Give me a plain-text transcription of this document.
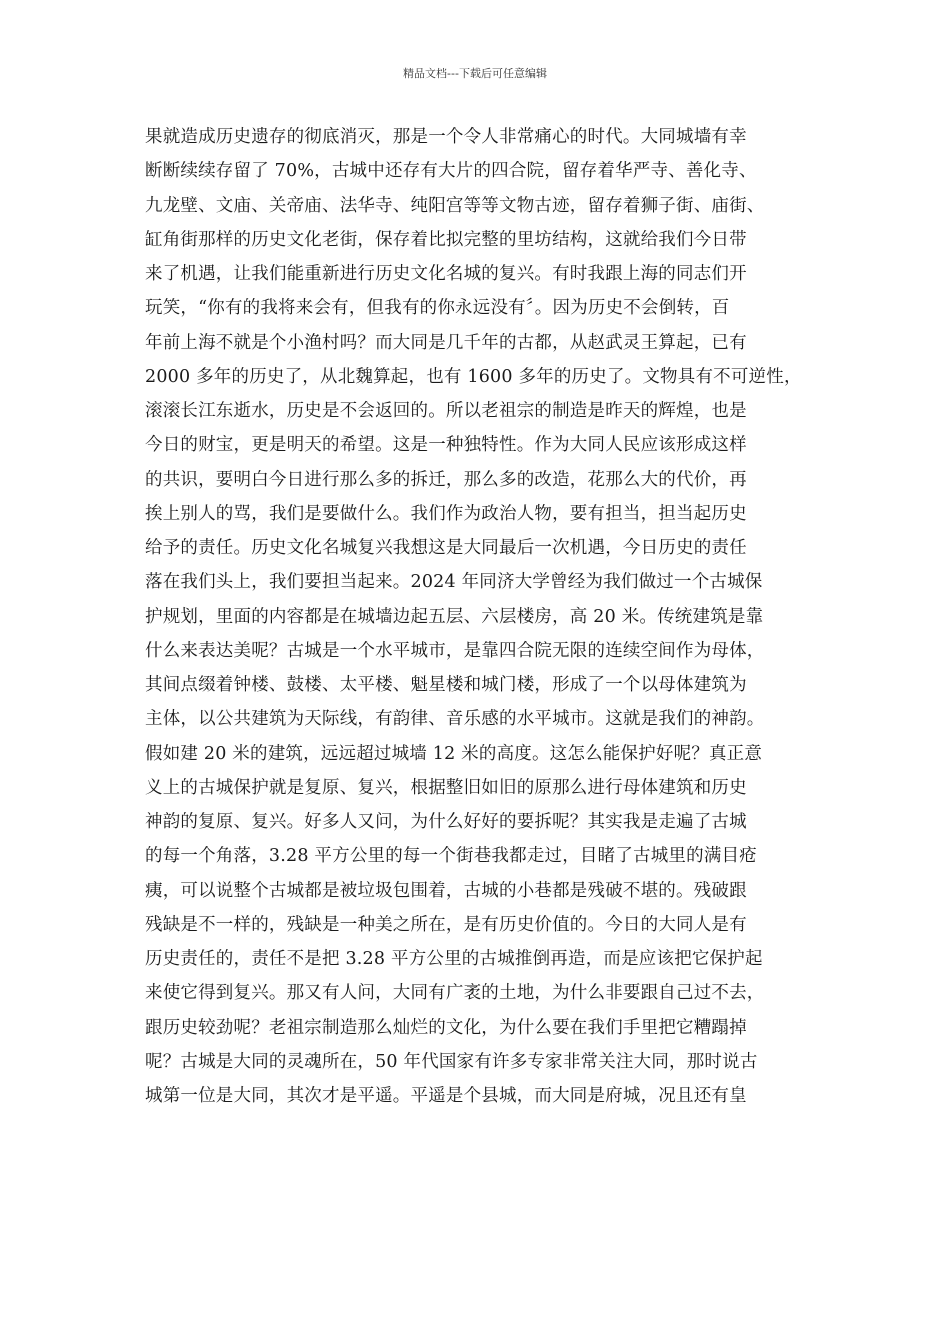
精品文档---下载后可任意编辑
果就造成历史遗存的彻底消灭，那是一个令人非常痛心的时代。大同城墙有幸
断断续续存留了 70%，古城中还存有大片的四合院，留存着华严寺、善化寺、
九龙壁、文庙、关帝庙、法华寺、纯阳宫等等文物古迹，留存着狮子街、庙街、
缸角街那样的历史文化老街，保存着比拟完整的里坊结构，这就给我们今日带
来了机遇，让我们能重新进行历史文化名城的复兴。有时我跟上海的同志们开
玩笑，“你有的我将来会有，但我有的你永远没有〞。因为历史不会倒转，百
年前上海不就是个小渔村吗？而大同是几千年的古都，从赵武灵王算起，已有
2000 多年的历史了，从北魏算起，也有 1600 多年的历史了。文物具有不可逆性，
滚滚长江东逝水，历史是不会返回的。所以老祖宗的制造是昨天的辉煌，也是
今日的财宝，更是明天的希望。这是一种独特性。作为大同人民应该形成这样
的共识，要明白今日进行那么多的拆迁，那么多的改造，花那么大的代价，再
挨上别人的骂，我们是要做什么。我们作为政治人物，要有担当，担当起历史
给予的责任。历史文化名城复兴我想这是大同最后一次机遇，今日历史的责任
落在我们头上，我们要担当起来。2024 年同济大学曾经为我们做过一个古城保
护规划，里面的内容都是在城墙边起五层、六层楼房，高 20 米。传统建筑是靠
什么来表达美呢？古城是一个水平城市，是靠四合院无限的连续空间作为母体，
其间点缀着钟楼、鼓楼、太平楼、魁星楼和城门楼，形成了一个以母体建筑为
主体，以公共建筑为天际线，有韵律、音乐感的水平城市。这就是我们的神韵。
假如建 20 米的建筑，远远超过城墙 12 米的高度。这怎么能保护好呢？真正意
义上的古城保护就是复原、复兴，根据整旧如旧的原那么进行母体建筑和历史
神韵的复原、复兴。好多人又问，为什么好好的要拆呢？其实我是走遍了古城
的每一个角落，3.28 平方公里的每一个街巷我都走过，目睹了古城里的满目疮
痍，可以说整个古城都是被垃圾包围着，古城的小巷都是残破不堪的。残破跟
残缺是不一样的，残缺是一种美之所在，是有历史价值的。今日的大同人是有
历史责任的，责任不是把 3.28 平方公里的古城推倒再造，而是应该把它保护起
来使它得到复兴。那又有人问，大同有广袤的土地，为什么非要跟自己过不去，
跟历史较劲呢？老祖宗制造那么灿烂的文化，为什么要在我们手里把它糟蹋掉
呢？古城是大同的灵魂所在，50 年代国家有许多专家非常关注大同，那时说古
城第一位是大同，其次才是平遥。平遥是个县城，而大同是府城，况且还有皇
